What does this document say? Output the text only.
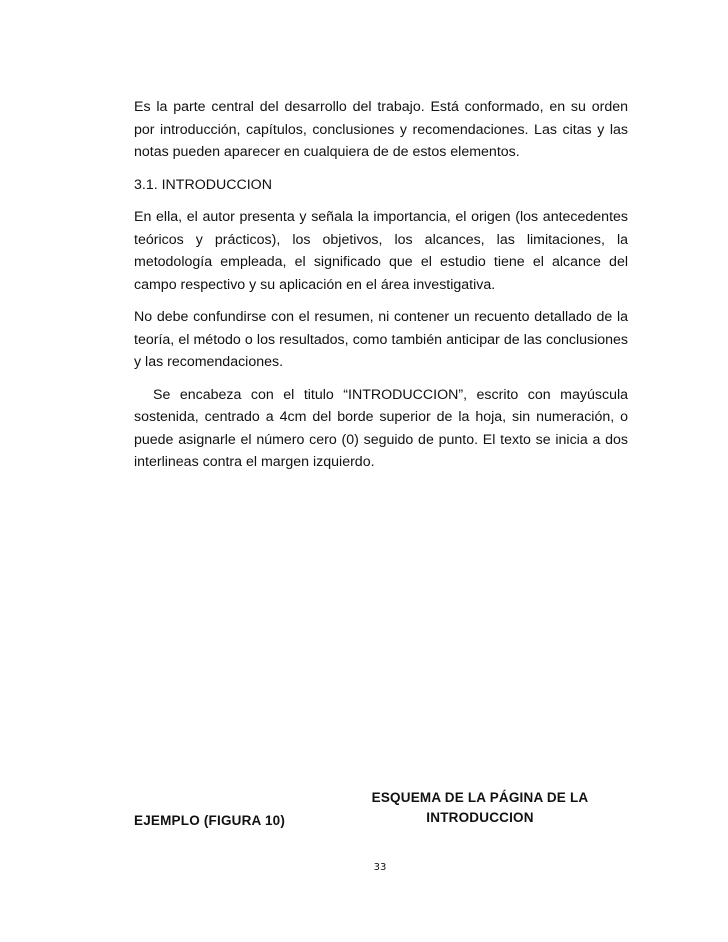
Es la parte central del desarrollo del trabajo. Está conformado, en su orden por introducción, capítulos, conclusiones y recomendaciones. Las citas y las notas pueden aparecer en cualquiera de de estos elementos.

3.1. INTRODUCCION

En ella, el autor presenta y señala la importancia, el origen (los antecedentes teóricos y prácticos), los objetivos, los alcances, las limitaciones, la metodología empleada, el significado que el estudio tiene el alcance del campo respectivo y su aplicación en el área investigativa.

No debe confundirse con el resumen, ni contener un recuento detallado de la teoría, el método o los resultados, como también anticipar de las conclusiones y las recomendaciones.

Se encabeza con el titulo “INTRODUCCION”, escrito con mayúscula sostenida, centrado a 4cm del borde superior de la hoja, sin numeración, o puede asignarle el número cero (0) seguido de punto. El texto se inicia a dos interlineas contra el margen izquierdo.

ESQUEMA DE LA PÁGINA DE LA
INTRODUCCION
EJEMPLO (FIGURA 10)
33
